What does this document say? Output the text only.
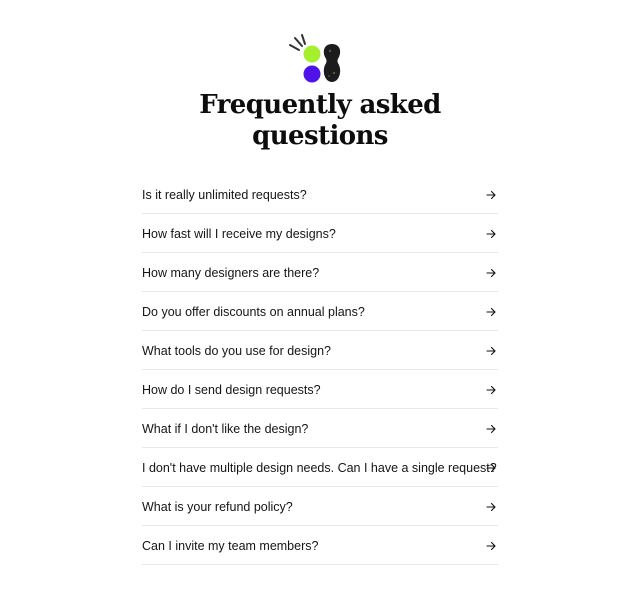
Frequently asked
questions
Is it really unlimited requests?
How fast will I receive my designs?
How many designers are there?
Do you offer discounts on annual plans?
What tools do you use for design?
How do I send design requests?
What if I don't like the design?
I don't have multiple design needs. Can I have a single request?
What is your refund policy?
Can I invite my team members?
